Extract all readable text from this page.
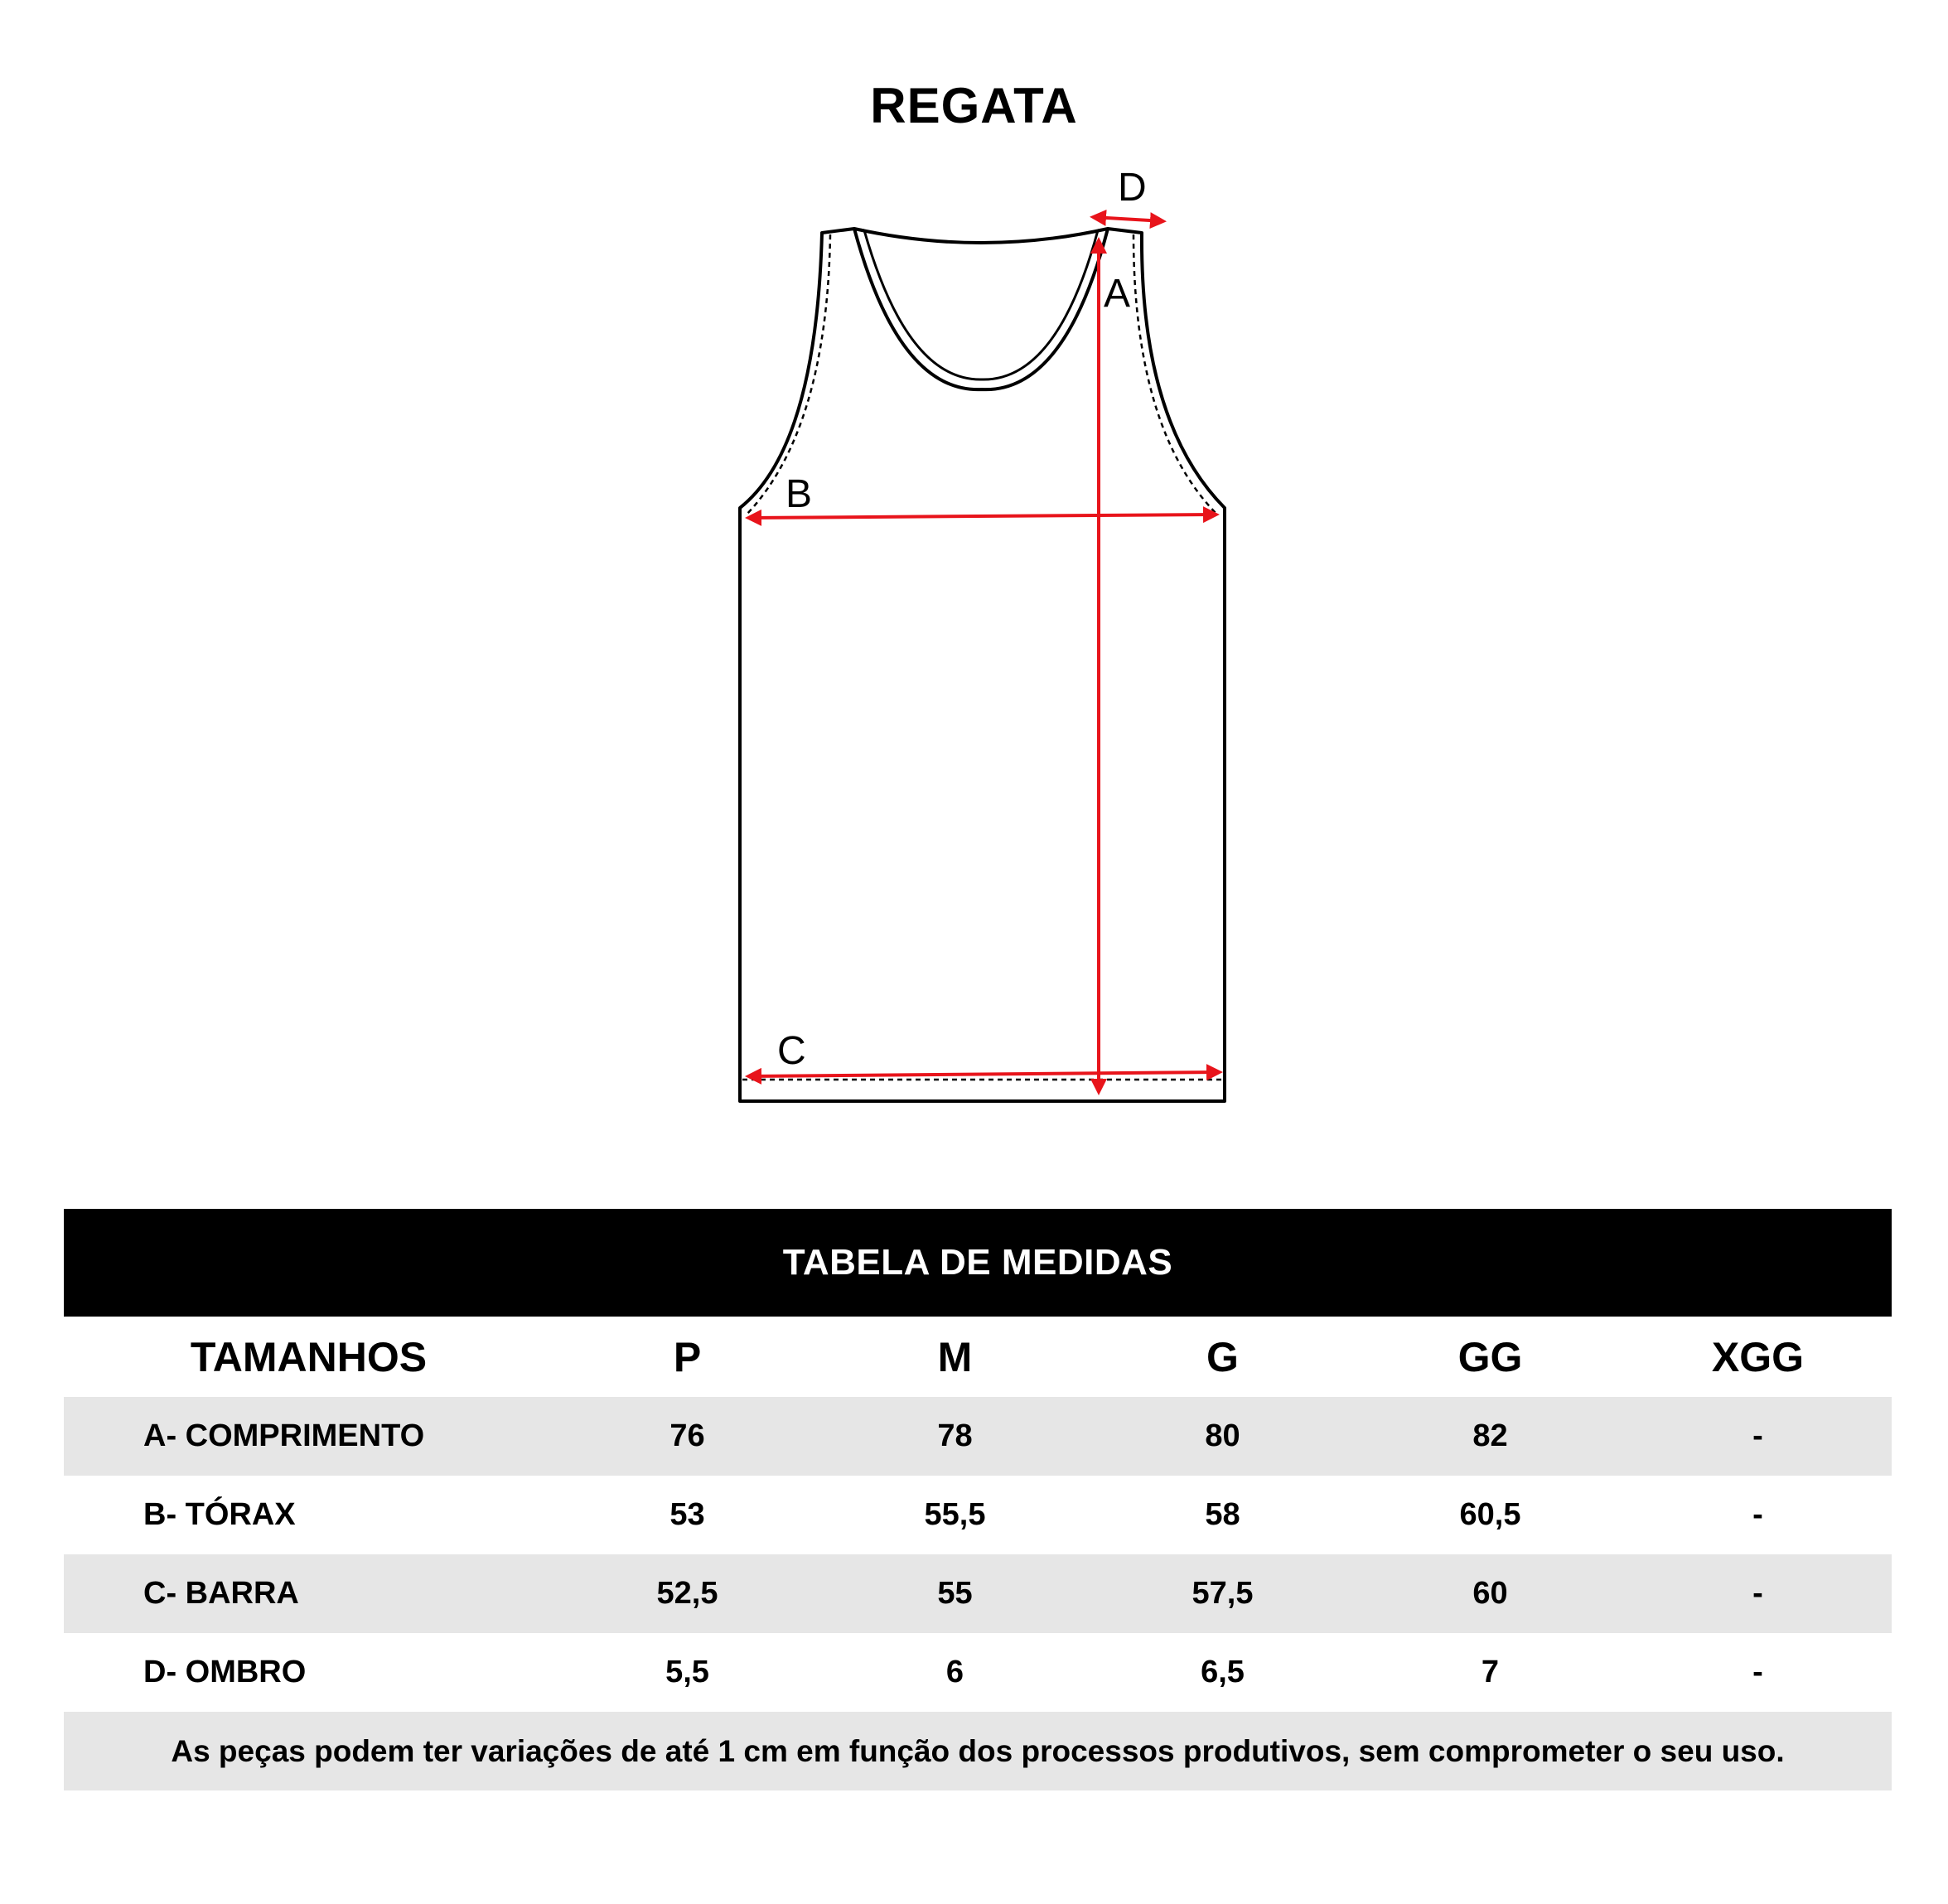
REGATA
A
B
C
D
TABELA DE MEDIDAS
TAMANHOS	P	M	G	GG	XGG
A- COMPRIMENTO	76	78	80	82	-
B- TÓRAX	53	55,5	58	60,5	-
C- BARRA	52,5	55	57,5	60	-
D- OMBRO	5,5	6	6,5	7	-
As peças podem ter variações de até 1 cm em função dos processos produtivos, sem comprometer o seu uso.
